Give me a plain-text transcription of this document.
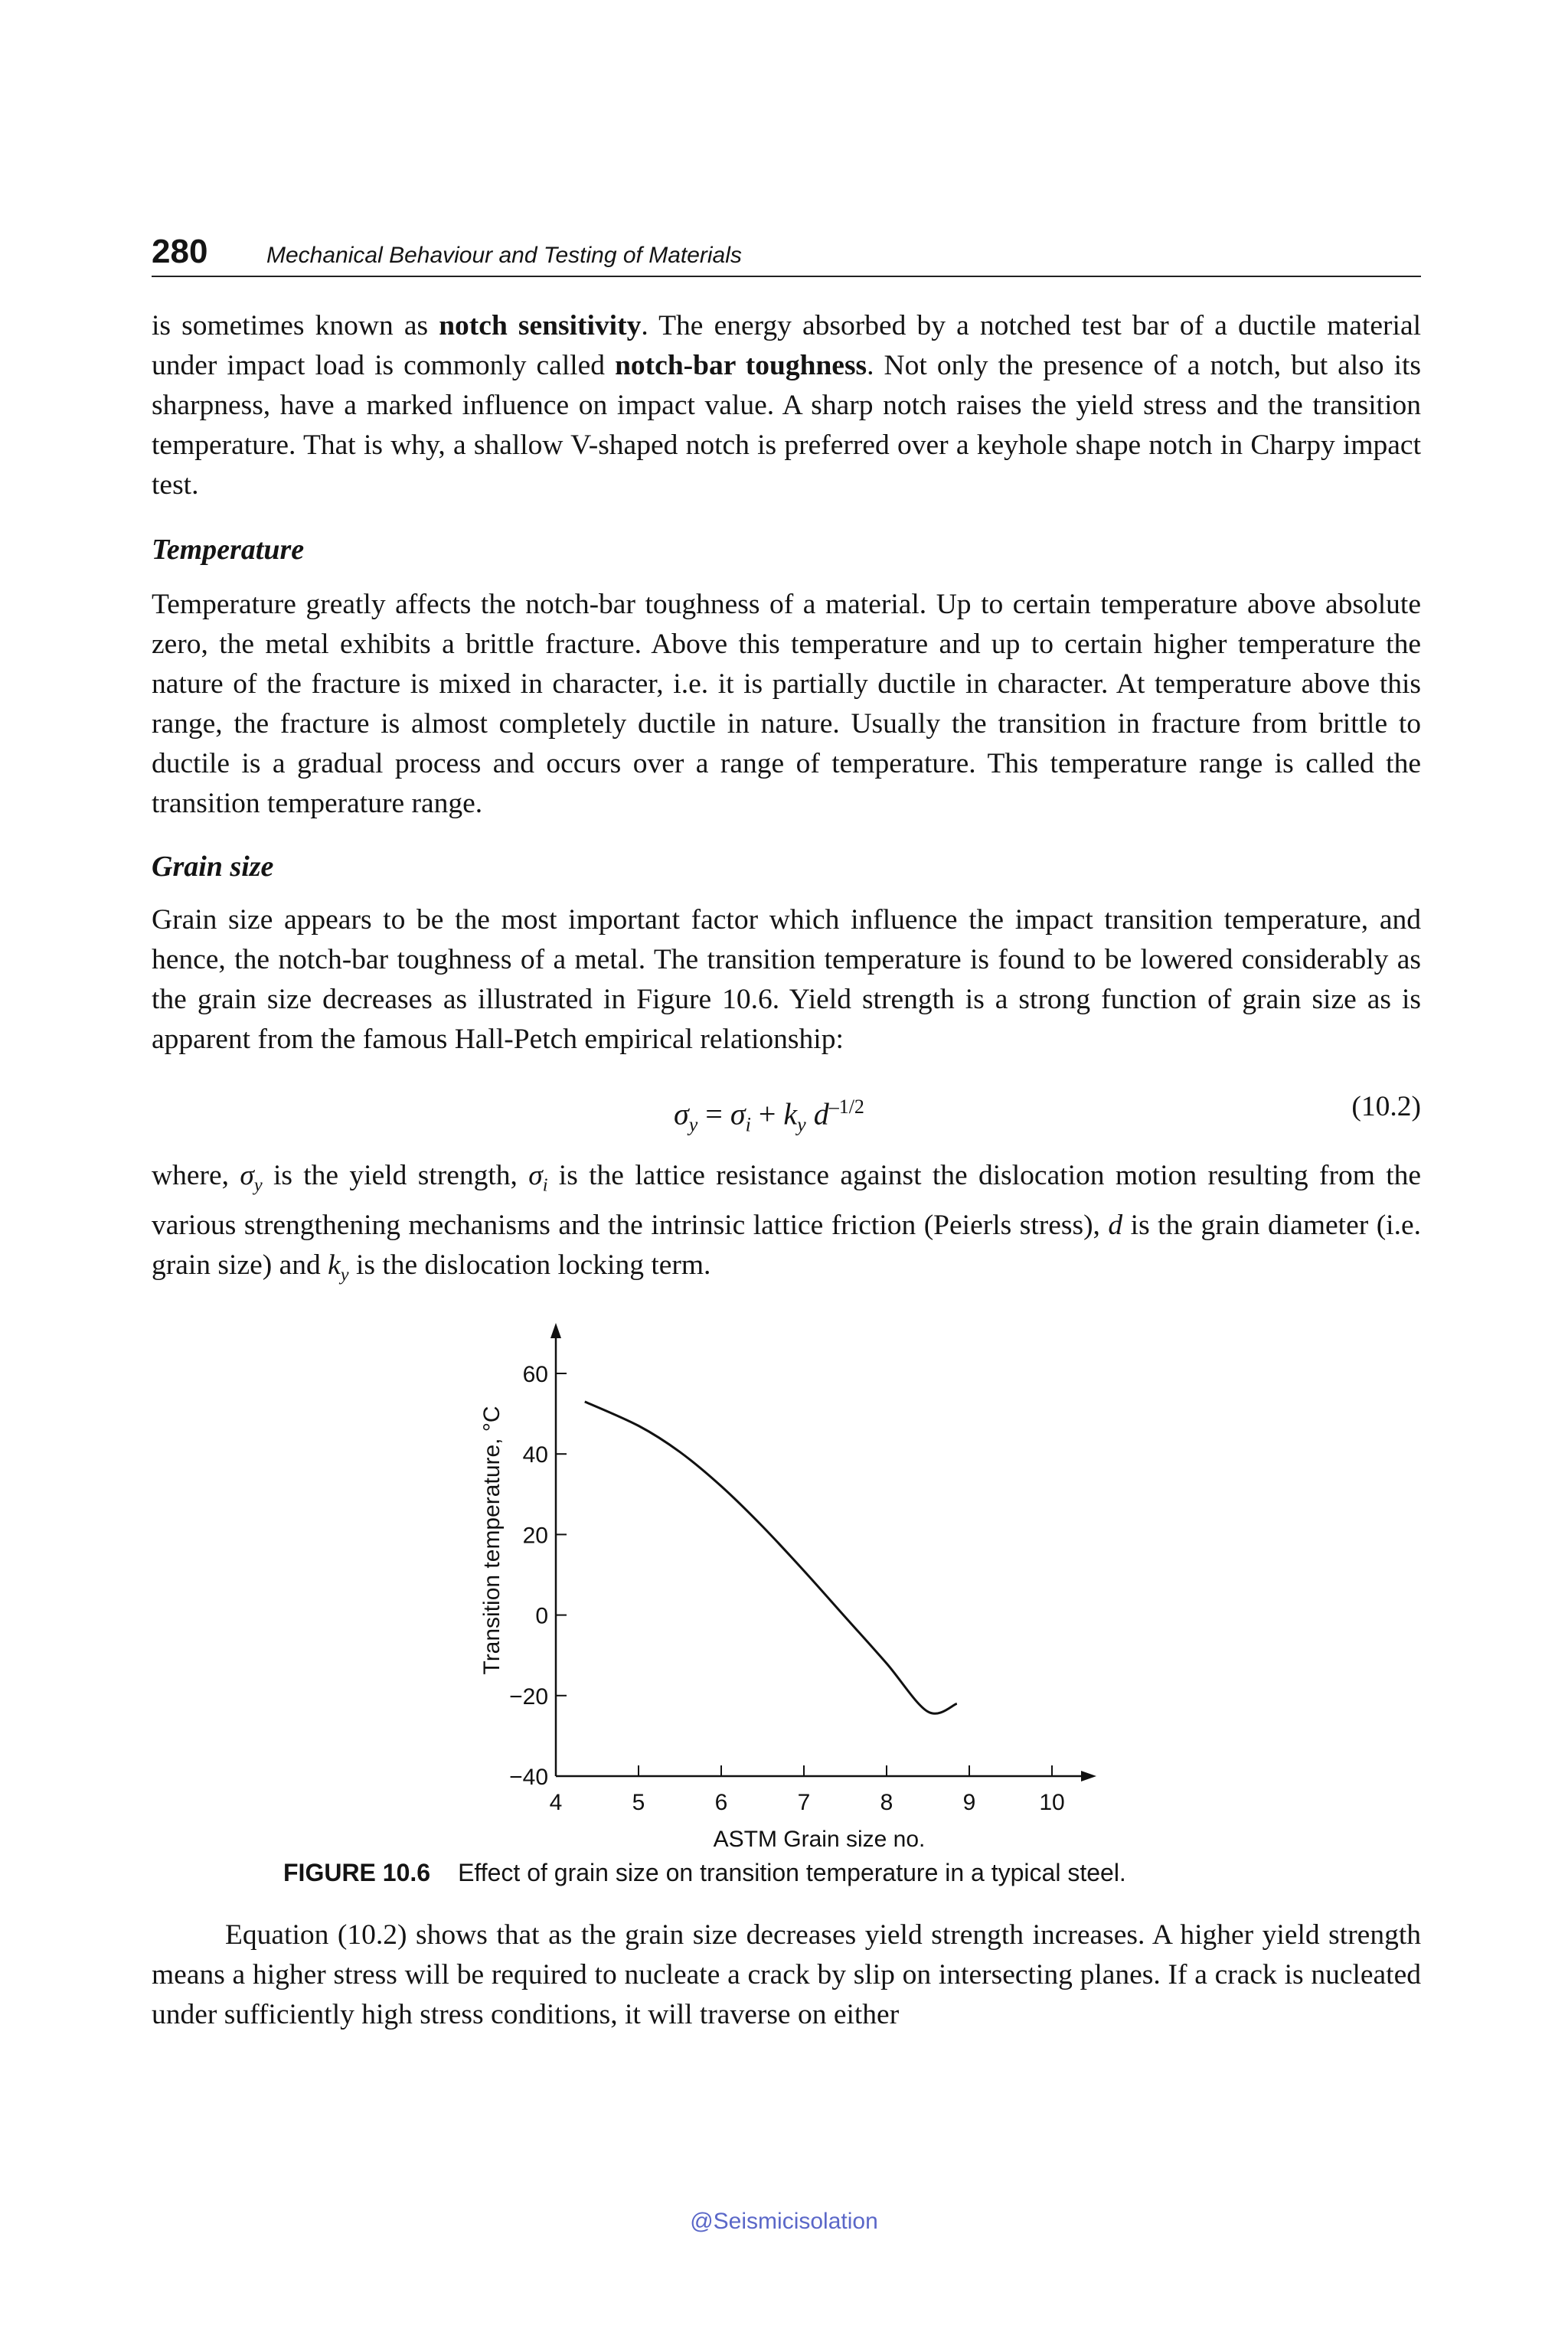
280	Mechanical Behaviour and Testing of Materials

is sometimes known as notch sensitivity. The energy absorbed by a notched test bar of a ductile material under impact load is commonly called notch-bar toughness. Not only the presence of a notch, but also its sharpness, have a marked influence on impact value. A sharp notch raises the yield stress and the transition temperature. That is why, a shallow V-shaped notch is preferred over a keyhole shape notch in Charpy impact test.

Temperature

Temperature greatly affects the notch-bar toughness of a material. Up to certain temperature above absolute zero, the metal exhibits a brittle fracture. Above this temperature and up to certain higher temperature the nature of the fracture is mixed in character, i.e. it is partially ductile in character. At temperature above this range, the fracture is almost completely ductile in nature. Usually the transition in fracture from brittle to ductile is a gradual process and occurs over a range of temperature. This temperature range is called the transition temperature range.

Grain size

Grain size appears to be the most important factor which influence the impact transition temperature, and hence, the notch-bar toughness of a metal. The transition temperature is found to be lowered considerably as the grain size decreases as illustrated in Figure 10.6. Yield strength is a strong function of grain size as is apparent from the famous Hall-Petch empirical relationship:

$\sigma_y = \sigma_i + k_y$ $d^{-1/2}$	(10.2)

where, $\sigma_y$ is the yield strength, $\sigma_i$ is the lattice resistance against the dislocation motion resulting from the various strengthening mechanisms and the intrinsic lattice friction (Peierls stress), d is the grain diameter (i.e. grain size) and $k_y$ is the dislocation locking term.

4	5	6	7	8	9	10
−40
−20
0
20
40
60
ASTM Grain size no.
Transition temperature, °C
FIGURE 10.6 Effect of grain size on transition temperature in a typical steel.

Equation (10.2) shows that as the grain size decreases yield strength increases. A higher yield strength means a higher stress will be required to nucleate a crack by slip on intersecting planes. If a crack is nucleated under sufficiently high stress conditions, it will traverse on either

@Seismicisolation
